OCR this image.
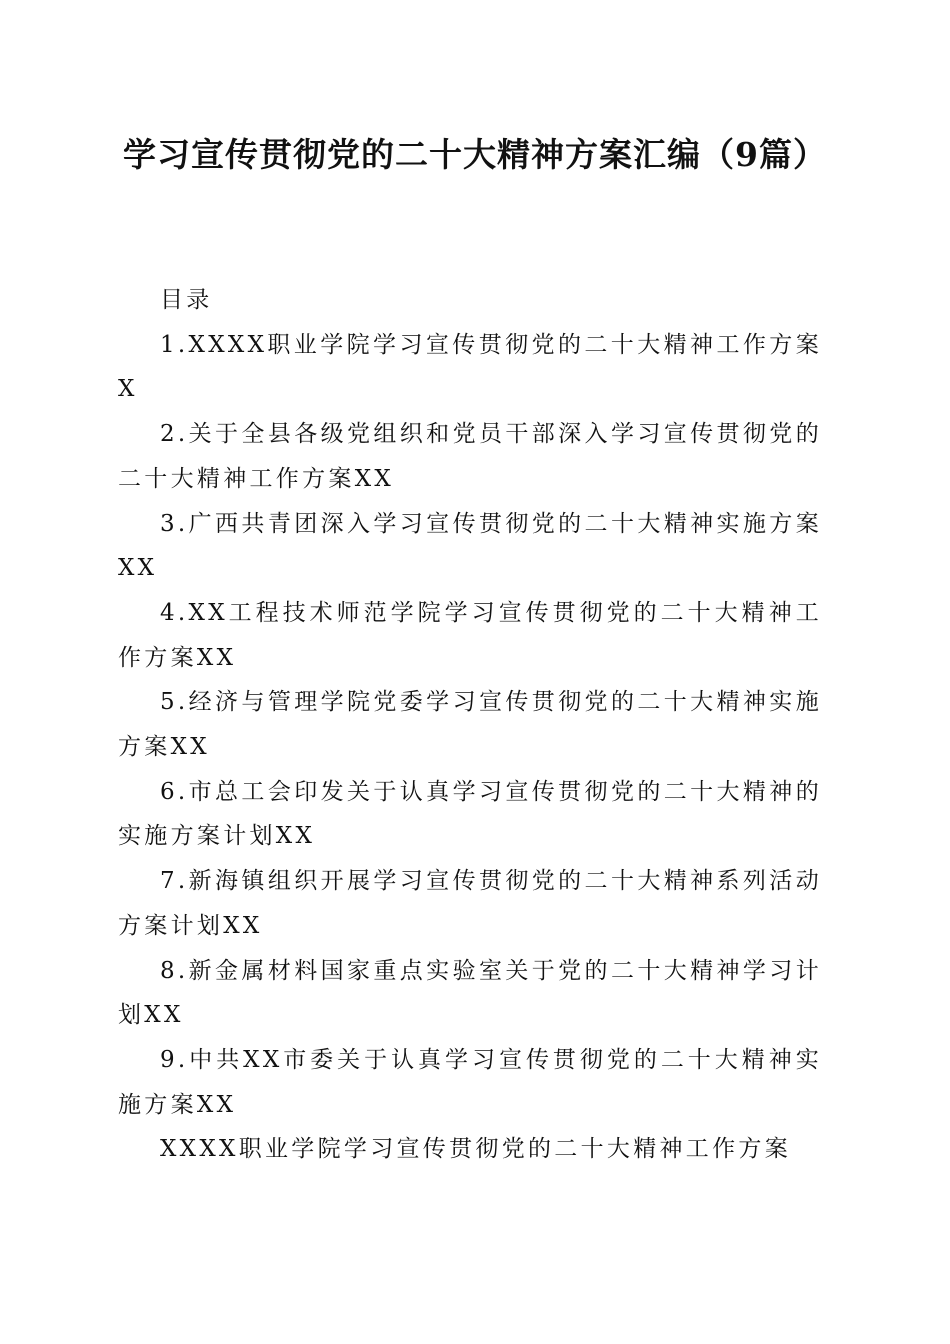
学习宣传贯彻党的二十大精神方案汇编（9篇）

目录

1.XXXX职业学院学习宣传贯彻党的二十大精神工作方案X

2.关于全县各级党组织和党员干部深入学习宣传贯彻党的二十大精神工作方案XX

3.广西共青团深入学习宣传贯彻党的二十大精神实施方案XX

4.XX工程技术师范学院学习宣传贯彻党的二十大精神工作方案XX

5.经济与管理学院党委学习宣传贯彻党的二十大精神实施方案XX

6.市总工会印发关于认真学习宣传贯彻党的二十大精神的实施方案计划XX

7.新海镇组织开展学习宣传贯彻党的二十大精神系列活动方案计划XX

8.新金属材料国家重点实验室关于党的二十大精神学习计划XX

9.中共XX市委关于认真学习宣传贯彻党的二十大精神实施方案XX

XXXX职业学院学习宣传贯彻党的二十大精神工作方案
